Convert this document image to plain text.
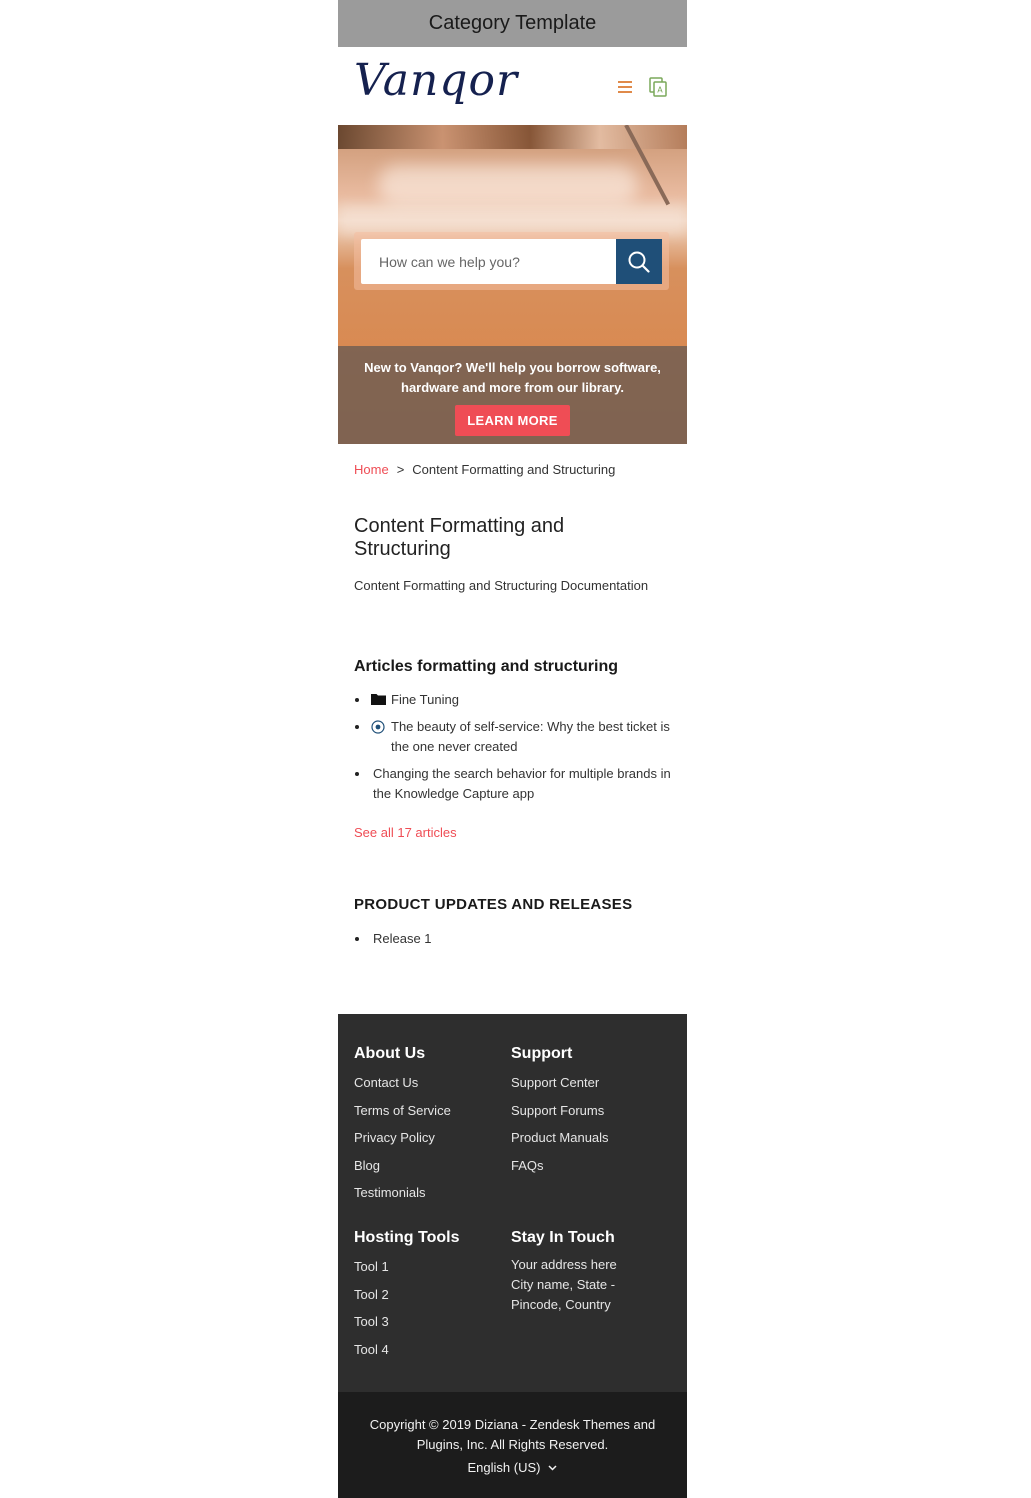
Category Template
Vanqor	A
How can we help you?
New to Vanqor? We'll help you borrow software, hardware and more from our library.
LEARN MORE
Home > Content Formatting and Structuring
Content Formatting and Structuring

Content Formatting and Structuring Documentation

Articles formatting and structuring
Fine Tuning
The beauty of self-service: Why the best ticket is the one never created
Changing the search behavior for multiple brands in the Knowledge Capture app
See all 17 articles
PRODUCT UPDATES AND RELEASES
Release 1
About Us
Contact Us
Terms of Service
Privacy Policy
Blog
Testimonials
Support
Support Center
Support Forums
Product Manuals
FAQs
Hosting Tools
Tool 1
Tool 2
Tool 3
Tool 4
Stay In Touch

Your address here City name, State - Pincode, Country

Copyright © 2019 Diziana - Zendesk Themes and Plugins, Inc. All Rights Reserved.
English (US)
